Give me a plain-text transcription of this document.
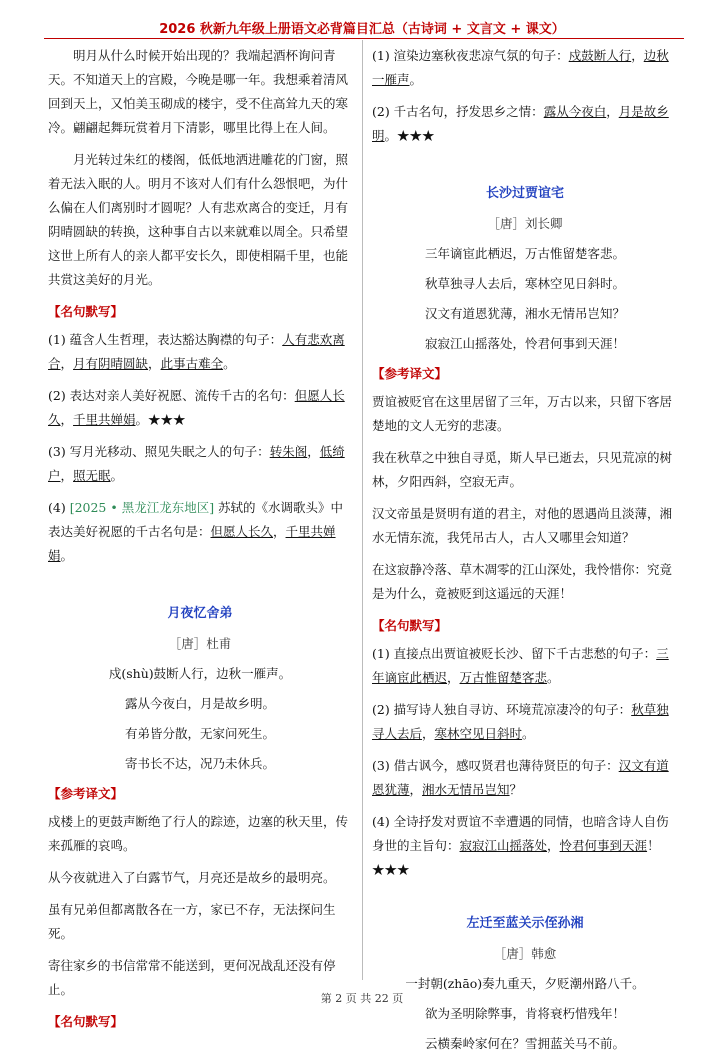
2026 秋新九年级上册语文必背篇目汇总（古诗词 + 文言文 + 课文）

明月从什么时候开始出现的？我端起酒杯询问青天。不知道天上的宫殿，今晚是哪一年。我想乘着清风回到天上，又怕美玉砌成的楼宇，受不住高耸九天的寒冷。翩翩起舞玩赏着月下清影，哪里比得上在人间。

月光转过朱红的楼阁，低低地洒进雕花的门窗，照着无法入眠的人。明月不该对人们有什么怨恨吧，为什么偏在人们离别时才圆呢？人有悲欢离合的变迁，月有阴晴圆缺的转换，这种事自古以来就难以周全。只希望这世上所有人的亲人都平安长久，即使相隔千里，也能共赏这美好的月光。

【名句默写】

(1) 蕴含人生哲理，表达豁达胸襟的句子：人有悲欢离合，月有阴晴圆缺，此事古难全。

(2) 表达对亲人美好祝愿、流传千古的名句：但愿人长久，千里共婵娟。★★★

(3) 写月光移动、照见失眠之人的句子：转朱阁，低绮户，照无眠。

(4) [2025 • 黑龙江龙东地区] 苏轼的《水调歌头》中表达美好祝愿的千古名句是：但愿人长久，千里共婵娟。

月夜忆舍弟
［唐］杜甫
戍(shù)鼓断人行，边秋一雁声。
露从今夜白，月是故乡明。
有弟皆分散，无家问死生。
寄书长不达，况乃未休兵。
【参考译文】

戍楼上的更鼓声断绝了行人的踪迹，边塞的秋天里，传来孤雁的哀鸣。

从今夜就进入了白露节气，月亮还是故乡的最明亮。

虽有兄弟但都离散各在一方，家已不存，无法探问生死。

寄往家乡的书信常常不能送到，更何况战乱还没有停止。

【名句默写】

(1) 渲染边塞秋夜悲凉气氛的句子：戍鼓断人行，边秋一雁声。

(2) 千古名句，抒发思乡之情：露从今夜白，月是故乡明。★★★

长沙过贾谊宅
［唐］刘长卿
三年谪宦此栖迟，万古惟留楚客悲。
秋草独寻人去后，寒林空见日斜时。
汉文有道恩犹薄，湘水无情吊岂知？
寂寂江山摇落处，怜君何事到天涯！
【参考译文】

贾谊被贬官在这里居留了三年，万古以来，只留下客居楚地的文人无穷的悲凄。

我在秋草之中独自寻觅，斯人早已逝去，只见荒凉的树林，夕阳西斜，空寂无声。

汉文帝虽是贤明有道的君主，对他的恩遇尚且淡薄，湘水无情东流，我凭吊古人，古人又哪里会知道？

在这寂静冷落、草木凋零的江山深处，我怜惜你：究竟是为什么，竟被贬到这遥远的天涯！

【名句默写】

(1) 直接点出贾谊被贬长沙、留下千古悲愁的句子：三年谪宦此栖迟，万古惟留楚客悲。

(2) 描写诗人独自寻访、环境荒凉凄冷的句子：秋草独寻人去后，寒林空见日斜时。

(3) 借古讽今，感叹贤君也薄待贤臣的句子：汉文有道恩犹薄，湘水无情吊岂知？

(4) 全诗抒发对贾谊不幸遭遇的同情，也暗含诗人自伤身世的主旨句：寂寂江山摇落处，怜君何事到天涯！★★★

左迁至蓝关示侄孙湘
［唐］韩愈
一封朝(zhāo)奏九重天，夕贬潮州路八千。
欲为圣明除弊事，肯将衰朽惜残年！
云横秦岭家何在？雪拥蓝关马不前。
第 2 页 共 22 页
